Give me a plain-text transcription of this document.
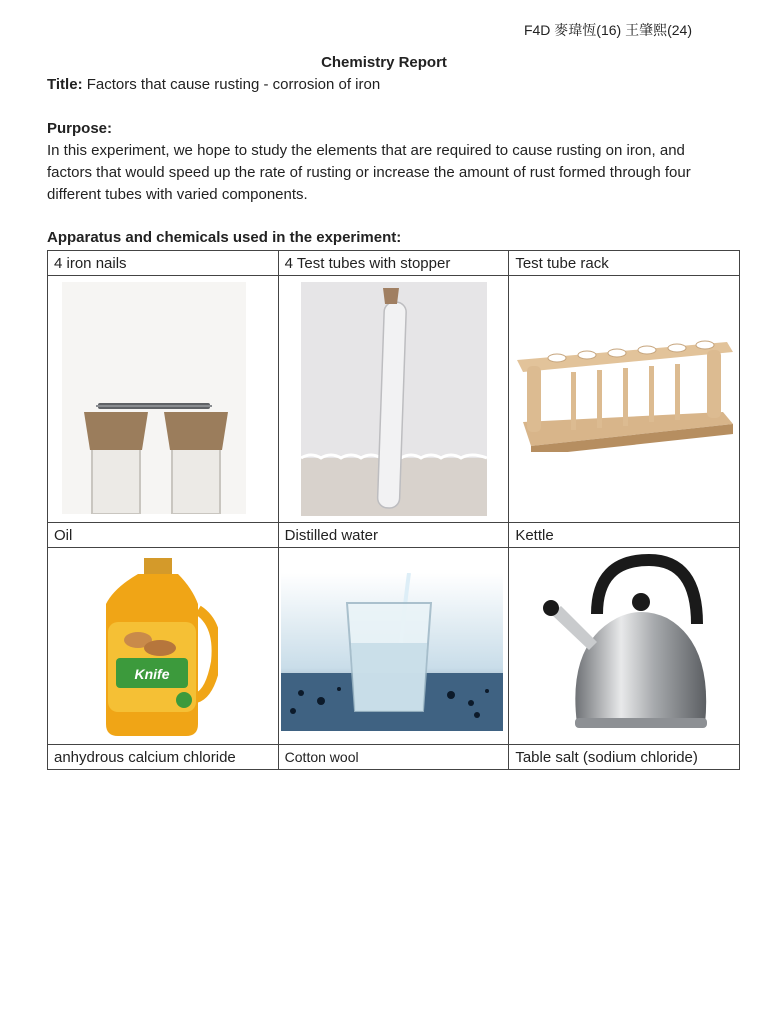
F4D 麥瑋恆(16) 王肇熙(24)
Chemistry Report
Title: Factors that cause rusting - corrosion of iron
Purpose:
In this experiment, we hope to study the elements that are required to cause rusting on iron, and factors that would speed up the rate of rusting or increase the amount of rust formed through four different tubes with varied components.
Apparatus and chemicals used in the experiment:
4 iron nails	4 Test tubes with stopper	Test tube rack

Oil	Distilled water	Kettle

Knife

anhydrous calcium chloride	Cotton wool	Table salt (sodium chloride)
